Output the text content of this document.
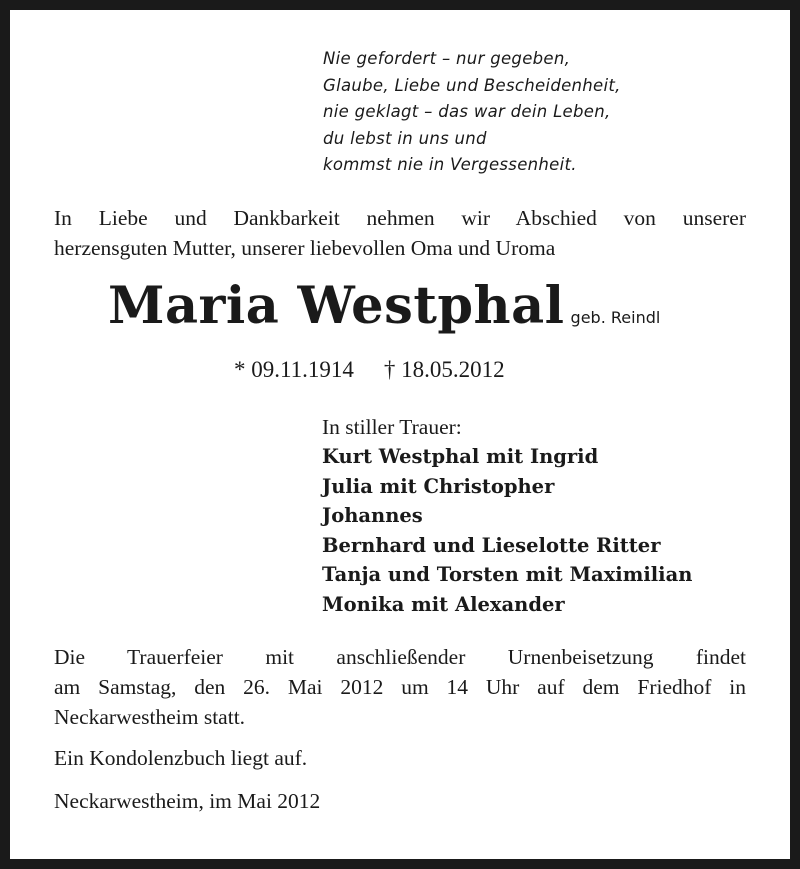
Nie gefordert – nur gegeben,
Glaube, Liebe und Bescheidenheit,
nie geklagt – das war dein Leben,
du lebst in uns und
kommst nie in Vergessenheit.
In Liebe und Dankbarkeit nehmen wir Abschied von unserer
herzensguten Mutter, unserer liebevollen Oma und Uroma
Maria Westphal geb. Reindl
* 09.11.1914 † 18.05.2012
In stiller Trauer:
Kurt Westphal mit Ingrid
Julia mit Christopher
Johannes
Bernhard und Lieselotte Ritter
Tanja und Torsten mit Maximilian
Monika mit Alexander
Die Trauerfeier mit anschließender Urnenbeisetzung findet
am Samstag, den 26. Mai 2012 um 14 Uhr auf dem Friedhof in
Neckarwestheim statt.
Ein Kondolenzbuch liegt auf.
Neckarwestheim, im Mai 2012
